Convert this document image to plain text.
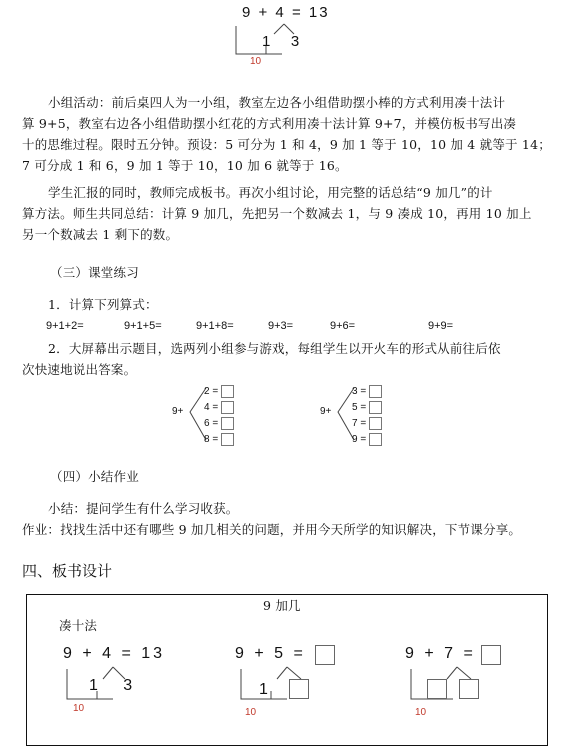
9 + 4 = 13
1   3
10
小组活动：前后桌四人为一小组，教室左边各小组借助摆小棒的方式利用凑十法计
算 9+5，教室右边各小组借助摆小红花的方式利用凑十法计算 9+7，并模仿板书写出凑
十的思维过程。限时五分钟。预设：5 可分为 1 和 4，9 加 1 等于 10，10 加 4 就等于 14；
7 可分成 1 和 6，9 加 1 等于 10，10 加 6 就等于 16。
学生汇报的同时，教师完成板书。再次小组讨论，用完整的话总结“9 加几”的计
算方法。师生共同总结：计算 9 加几，先把另一个数减去 1，与 9 凑成 10，再用 10 加上
另一个数减去 1 剩下的数。
（三）课堂练习
1．计算下列算式：
9+1+2=	9+1+5=	9+1+8=	9+3=	9+6=	9+9=
2．大屏幕出示题目，选两列小组参与游戏，每组学生以开火车的形式从前往后依
次快速地说出答案。
9+
2 =
4 =
6 =
8 =
9+
3 =
5 =
7 =
9 =
（四）小结作业
小结：提问学生有什么学习收获。
作业：找找生活中还有哪些 9 加几相关的问题，并用今天所学的知识解决，下节课分享。
四、板书设计
9 加几
凑十法
9 + 4 = 13
1   3
10
9 + 5 =
1
10
9 + 7 =
10
